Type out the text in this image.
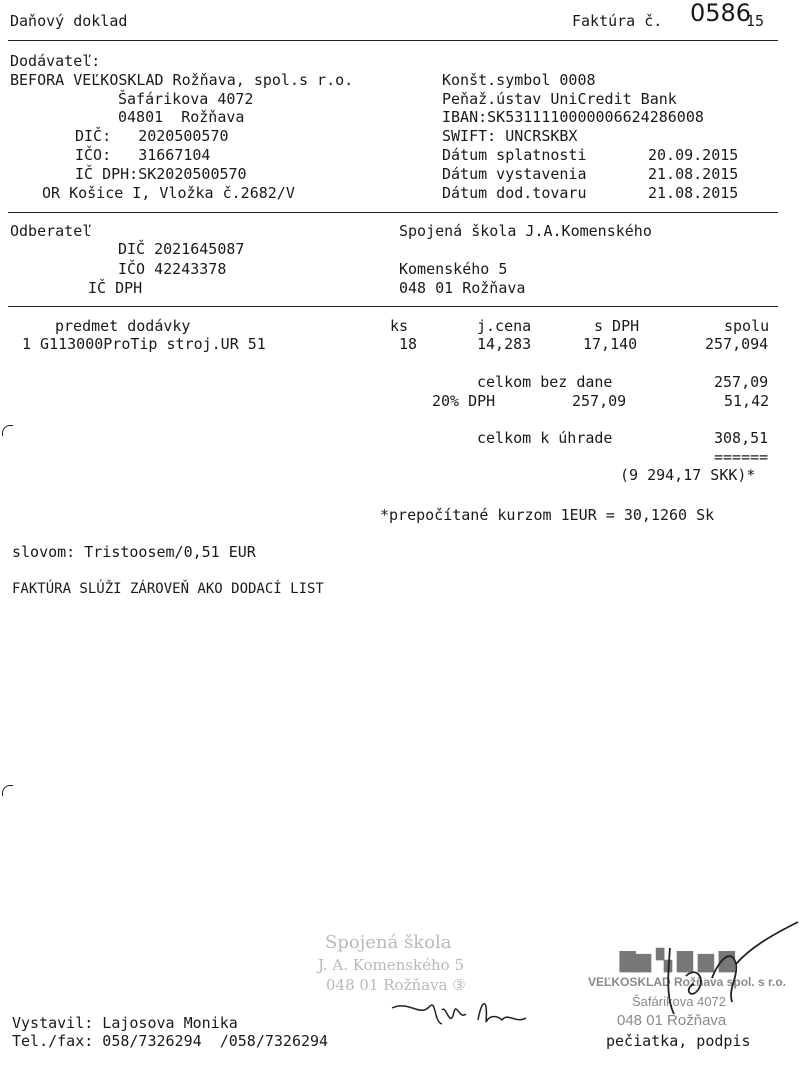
Daňový doklad	Faktúra č. 0586
15
Dodávateľ:
BEFORA VEĽKOSKLAD Rožňava, spol.s r.o.
Šafárikova 4072
04801  Rožňava
DIČ:   2020500570
IČO:   31667104
IČ DPH:SK2020500570
OR Košice I, Vložka č.2682/V
Konšt.symbol 0008
Peňaž.ústav UniCredit Bank
IBAN:SK5311110000006624286008
SWIFT: UNCRSKBX
Dátum splatnosti	20.09.2015
Dátum vystavenia	21.08.2015
Dátum dod.tovaru	21.08.2015
Odberateľ
DIČ 2021645087
IČO 42243378
IČ DPH
Spojená škola J.A.Komenského
Komenského 5
048 01 Rožňava
predmet dodávky	ks	j.cena	s DPH	spolu
1 G113000ProTip stroj.UR 51	18	14,283	17,140	257,094
celkom bez dane	257,09
20% DPH	257,09	51,42
celkom k úhrade	308,51
======
(9 294,17 SKK)*
*prepočítané kurzom 1EUR = 30,1260 Sk
slovom: Tristoosem/0,51 EUR
FAKTÚRA SLÚŽI ZÁROVEŇ AKO DODACÍ LIST
Spojená škola
J. A. Komenského 5
048 01 Rožňava ③
▇▆ ▚ ▇ ▆ ▇
VEĽKOSKLAD Rožňava spol. s r.o.
Šafárikova 4072
048 01 Rožňava
Vystavil: Lajosova Monika
Tel./fax: 058/7326294  /058/7326294	pečiatka, podpis
